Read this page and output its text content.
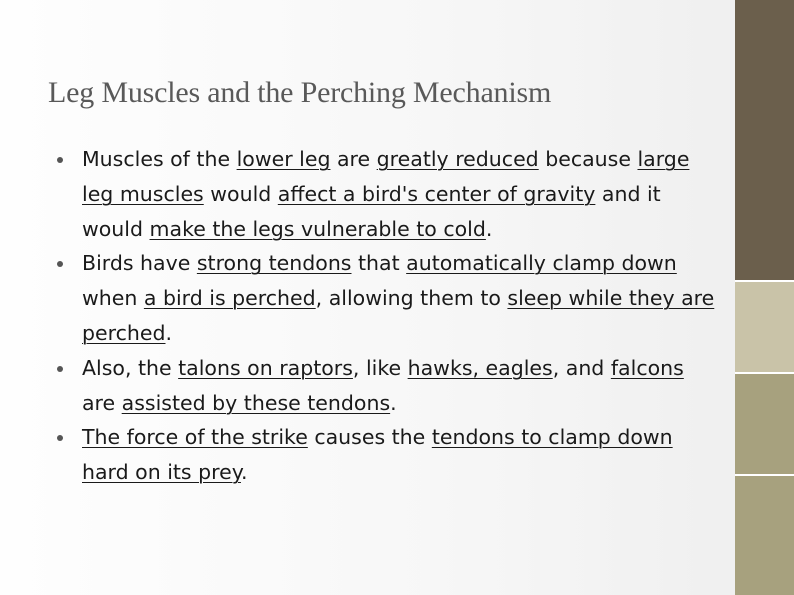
Leg Muscles and the Perching Mechanism
Muscles of the lower leg are greatly reduced because large leg muscles would affect a bird's center of gravity and it would make the legs vulnerable to cold.
Birds have strong tendons that automatically clamp down when a bird is perched, allowing them to sleep while they are perched.
Also, the talons on raptors, like hawks, eagles, and falcons are assisted by these tendons.
The force of the strike causes the tendons to clamp down hard on its prey.
